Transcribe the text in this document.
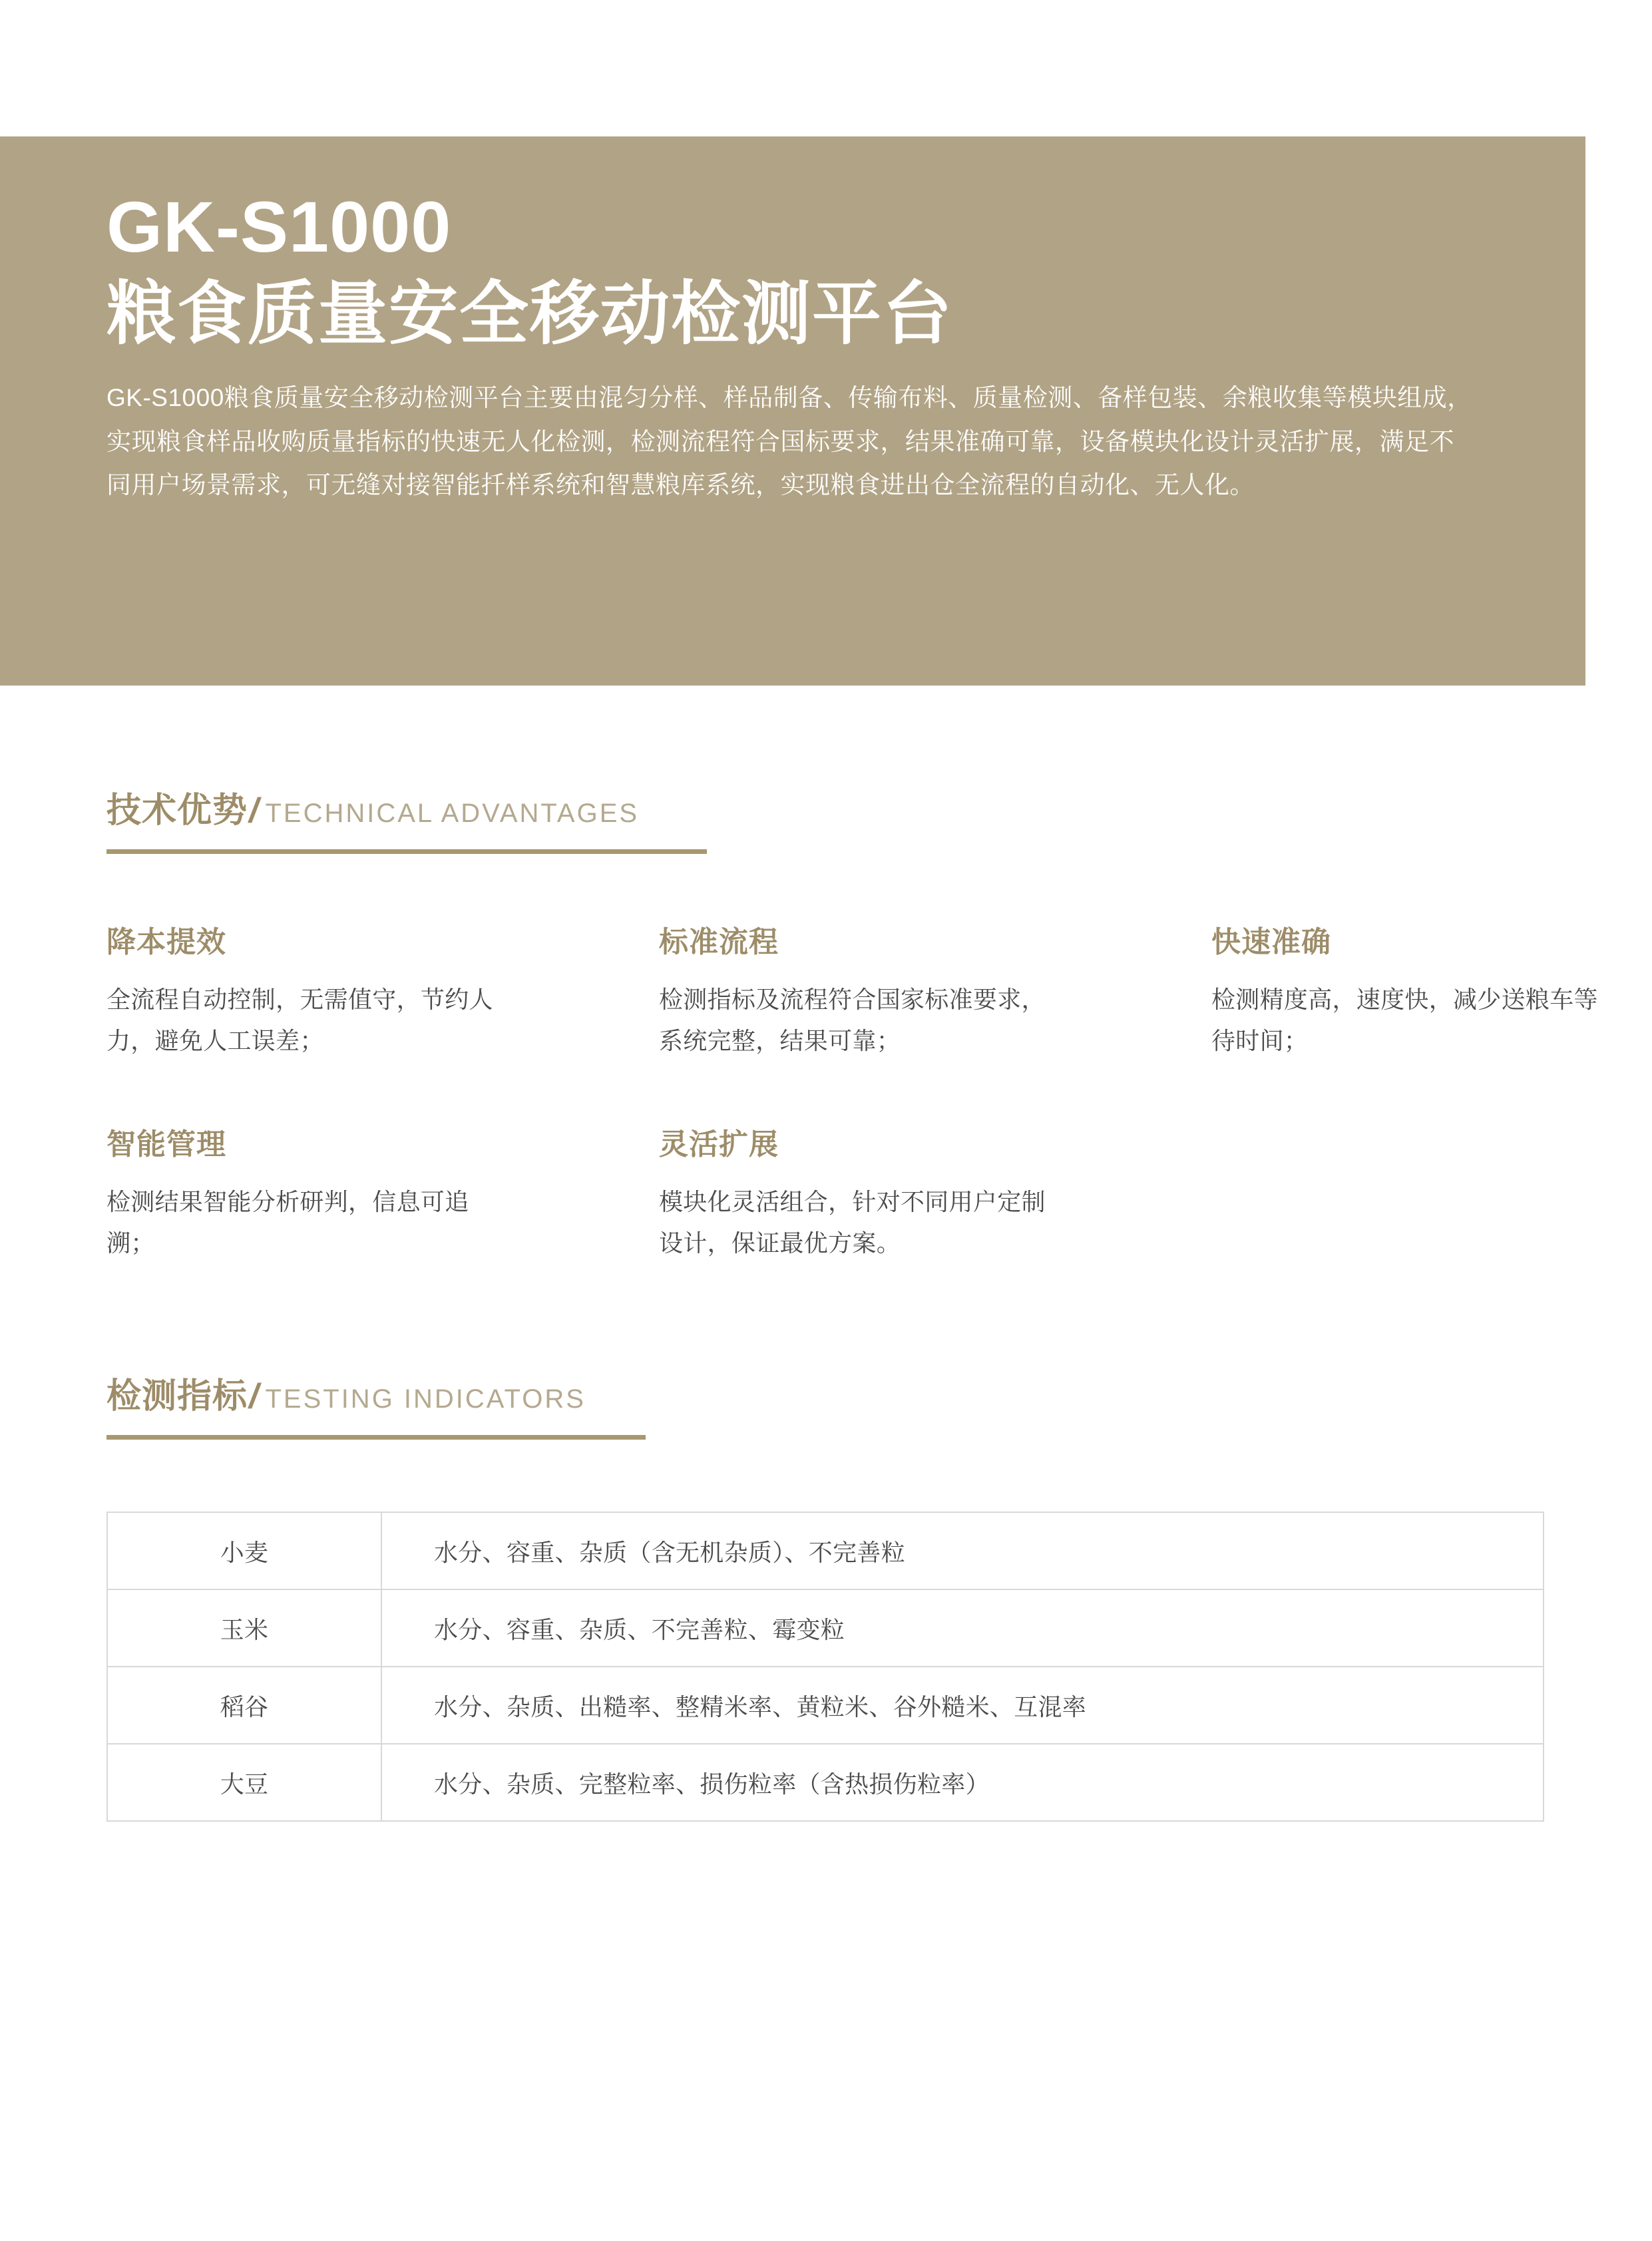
GK-S1000
粮食质量安全移动检测平台

GK-S1000粮食质量安全移动检测平台主要由混匀分样、样品制备、传输布料、质量检测、备样包装、余粮收集等模块组成，实现粮食样品收购质量指标的快速无人化检测，检测流程符合国标要求，结果准确可靠，设备模块化设计灵活扩展，满足不同用户场景需求，可无缝对接智能扦样系统和智慧粮库系统，实现粮食进出仓全流程的自动化、无人化。

技术优势 / TECHNICAL ADVANTAGES
降本提效
全流程自动控制，无需值守，节约人力，避免人工误差；
标准流程
检测指标及流程符合国家标准要求，系统完整，结果可靠；
快速准确
检测精度高，速度快，减少送粮车等待时间；
智能管理
检测结果智能分析研判，信息可追溯；
灵活扩展
模块化灵活组合，针对不同用户定制设计，保证最优方案。
检测指标 / TESTING INDICATORS
小麦	水分、容重、杂质（含无机杂质）、不完善粒
玉米	水分、容重、杂质、不完善粒、霉变粒
稻谷	水分、杂质、出糙率、整精米率、黄粒米、谷外糙米、互混率
大豆	水分、杂质、完整粒率、损伤粒率（含热损伤粒率）
